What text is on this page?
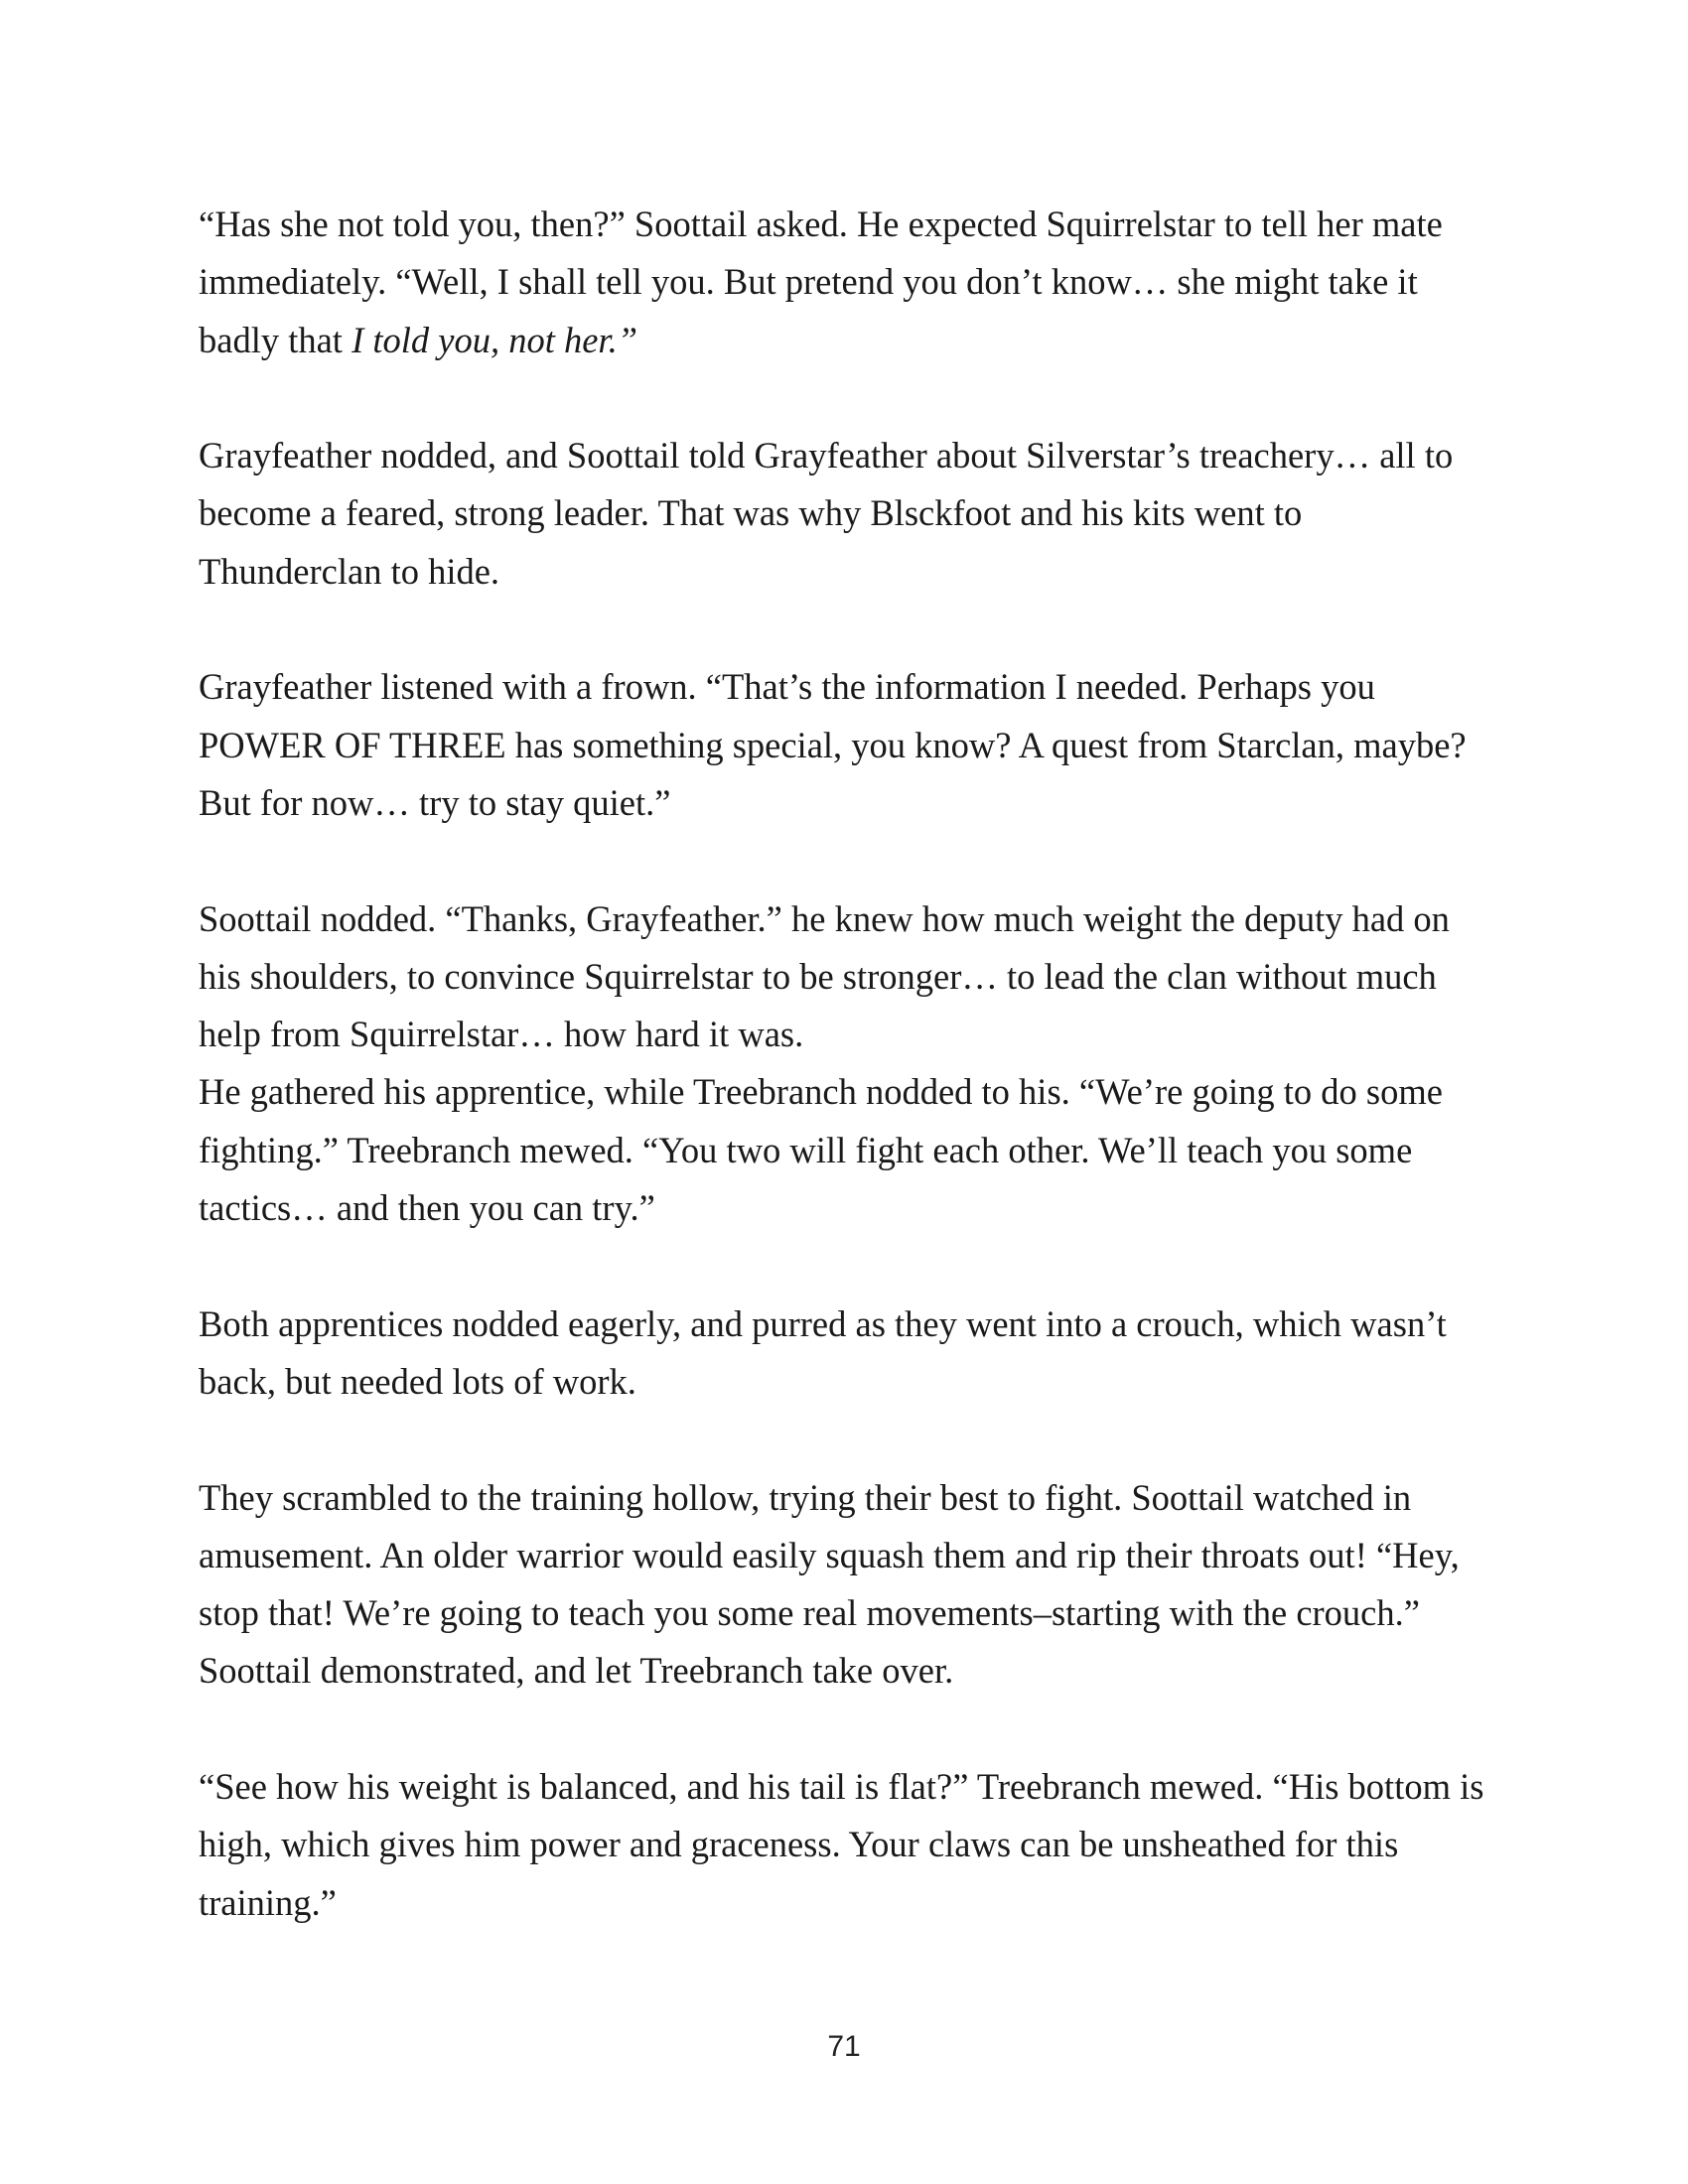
“Has she not told you, then?” Soottail asked. He expected Squirrelstar to tell her mate
immediately. “Well, I shall tell you. But pretend you don’t know… she might take it
badly that I told you, not her.”

Grayfeather nodded, and Soottail told Grayfeather about Silverstar’s treachery… all to
become a feared, strong leader. That was why Blsckfoot and his kits went to
Thunderclan to hide.

Grayfeather listened with a frown. “That’s the information I needed. Perhaps you
POWER OF THREE has something special, you know? A quest from Starclan, maybe?
But for now… try to stay quiet.”

Soottail nodded. “Thanks, Grayfeather.” he knew how much weight the deputy had on
his shoulders, to convince Squirrelstar to be stronger… to lead the clan without much
help from Squirrelstar… how hard it was.
He gathered his apprentice, while Treebranch nodded to his. “We’re going to do some
fighting.” Treebranch mewed. “You two will fight each other. We’ll teach you some
tactics… and then you can try.”

Both apprentices nodded eagerly, and purred as they went into a crouch, which wasn’t
back, but needed lots of work.

They scrambled to the training hollow, trying their best to fight. Soottail watched in
amusement. An older warrior would easily squash them and rip their throats out! “Hey,
stop that! We’re going to teach you some real movements–starting with the crouch.”
Soottail demonstrated, and let Treebranch take over.

“See how his weight is balanced, and his tail is flat?” Treebranch mewed. “His bottom is
high, which gives him power and graceness. Your claws can be unsheathed for this
training.”

71
